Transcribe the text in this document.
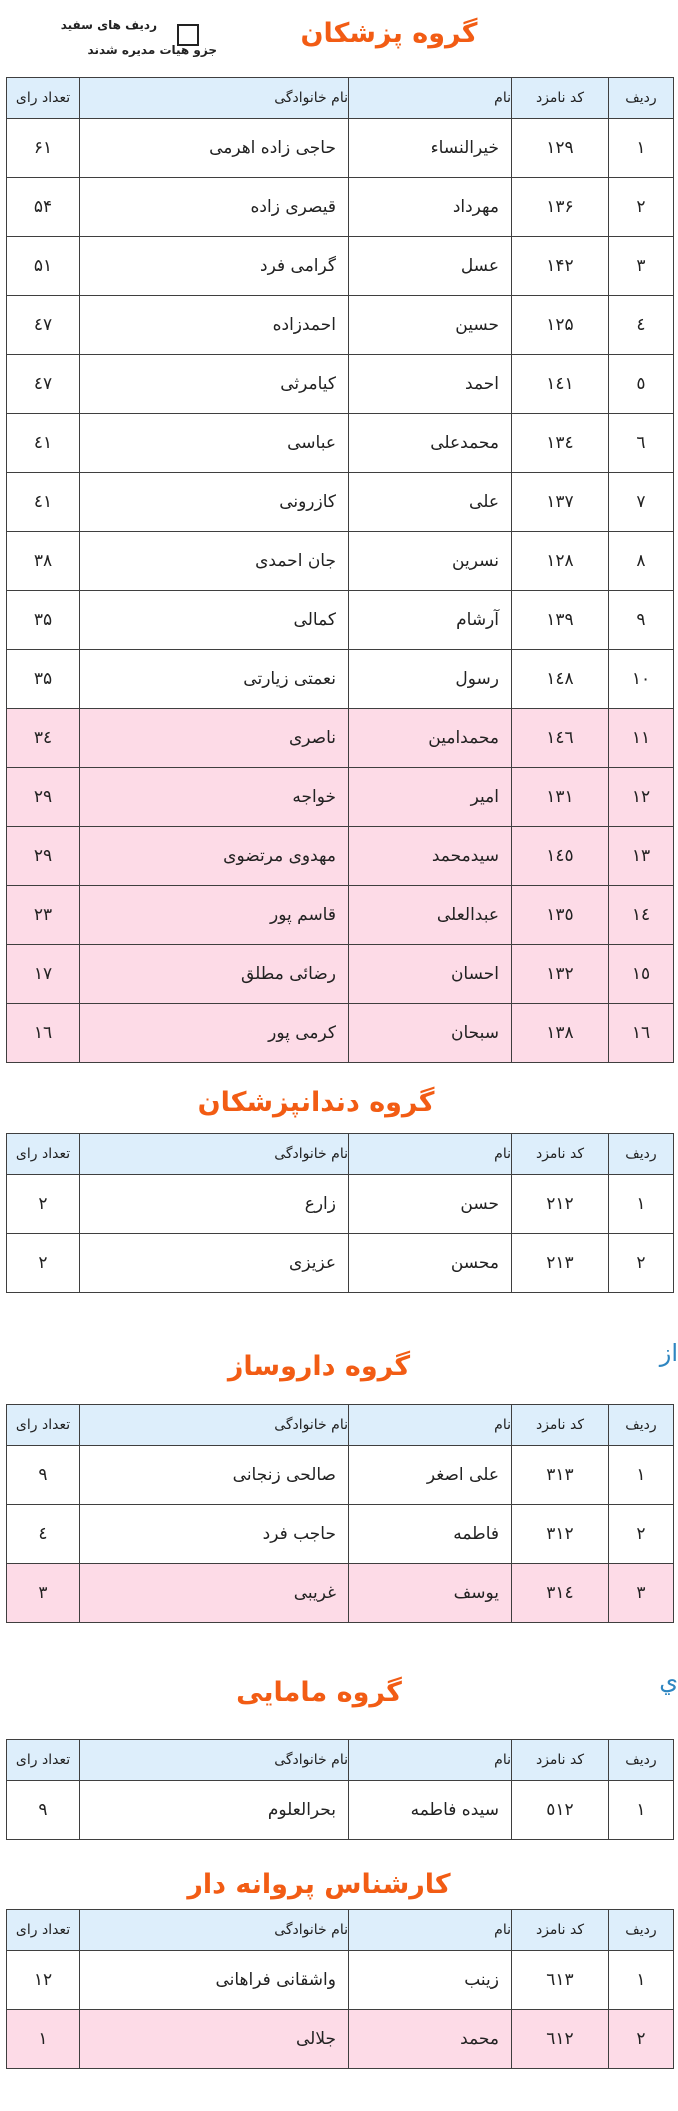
ردیف های سفید
جزو هیات مدیره شدند
گروه پزشکان
گروه دندانپزشکان
گروه داروساز
گروه مامایی
کارشناس پروانه دار
از
ي
ردیف	کد نامزد	نام	نام خانوادگی	تعداد رای
۱	۱۲۹	خیرالنساء	حاجی زاده اهرمی	۶۱
۲	۱۳۶	مهرداد	قیصری زاده	۵۴
۳	۱۴۲	عسل	گرامی فرد	۵۱
٤	۱۲۵	حسین	احمدزاده	٤۷
٥	۱٤۱	احمد	کیامرثی	٤۷
٦	۱۳٤	محمدعلی	عباسی	٤۱
۷	۱۳۷	علی	کازرونی	٤۱
۸	۱۲۸	نسرین	جان احمدی	۳۸
۹	۱۳۹	آرشام	کمالی	۳۵
۱۰	۱٤۸	رسول	نعمتی زیارتی	۳۵
۱۱	۱٤٦	محمدامین	ناصری	۳٤
۱۲	۱۳۱	امیر	خواجه	۲۹
۱۳	۱٤٥	سیدمحمد	مهدوی مرتضوی	۲۹
۱٤	۱۳٥	عبدالعلی	قاسم پور	۲۳
۱٥	۱۳۲	احسان	رضائی مطلق	۱۷
۱٦	۱۳۸	سبحان	کرمی پور	۱٦
ردیف	کد نامزد	نام	نام خانوادگی	تعداد رای
۱	۲۱۲	حسن	زارع	۲
۲	۲۱۳	محسن	عزیزی	۲
ردیف	کد نامزد	نام	نام خانوادگی	تعداد رای
۱	۳۱۳	علی اصغر	صالحی زنجانی	۹
۲	۳۱۲	فاطمه	حاجب فرد	٤
۳	۳۱٤	یوسف	غریبی	۳
ردیف	کد نامزد	نام	نام خانوادگی	تعداد رای
۱	٥۱۲	سیده فاطمه	بحرالعلوم	۹
ردیف	کد نامزد	نام	نام خانوادگی	تعداد رای
۱	٦۱۳	زینب	واشقانی فراهانی	۱۲
۲	٦۱۲	محمد	جلالی	۱
